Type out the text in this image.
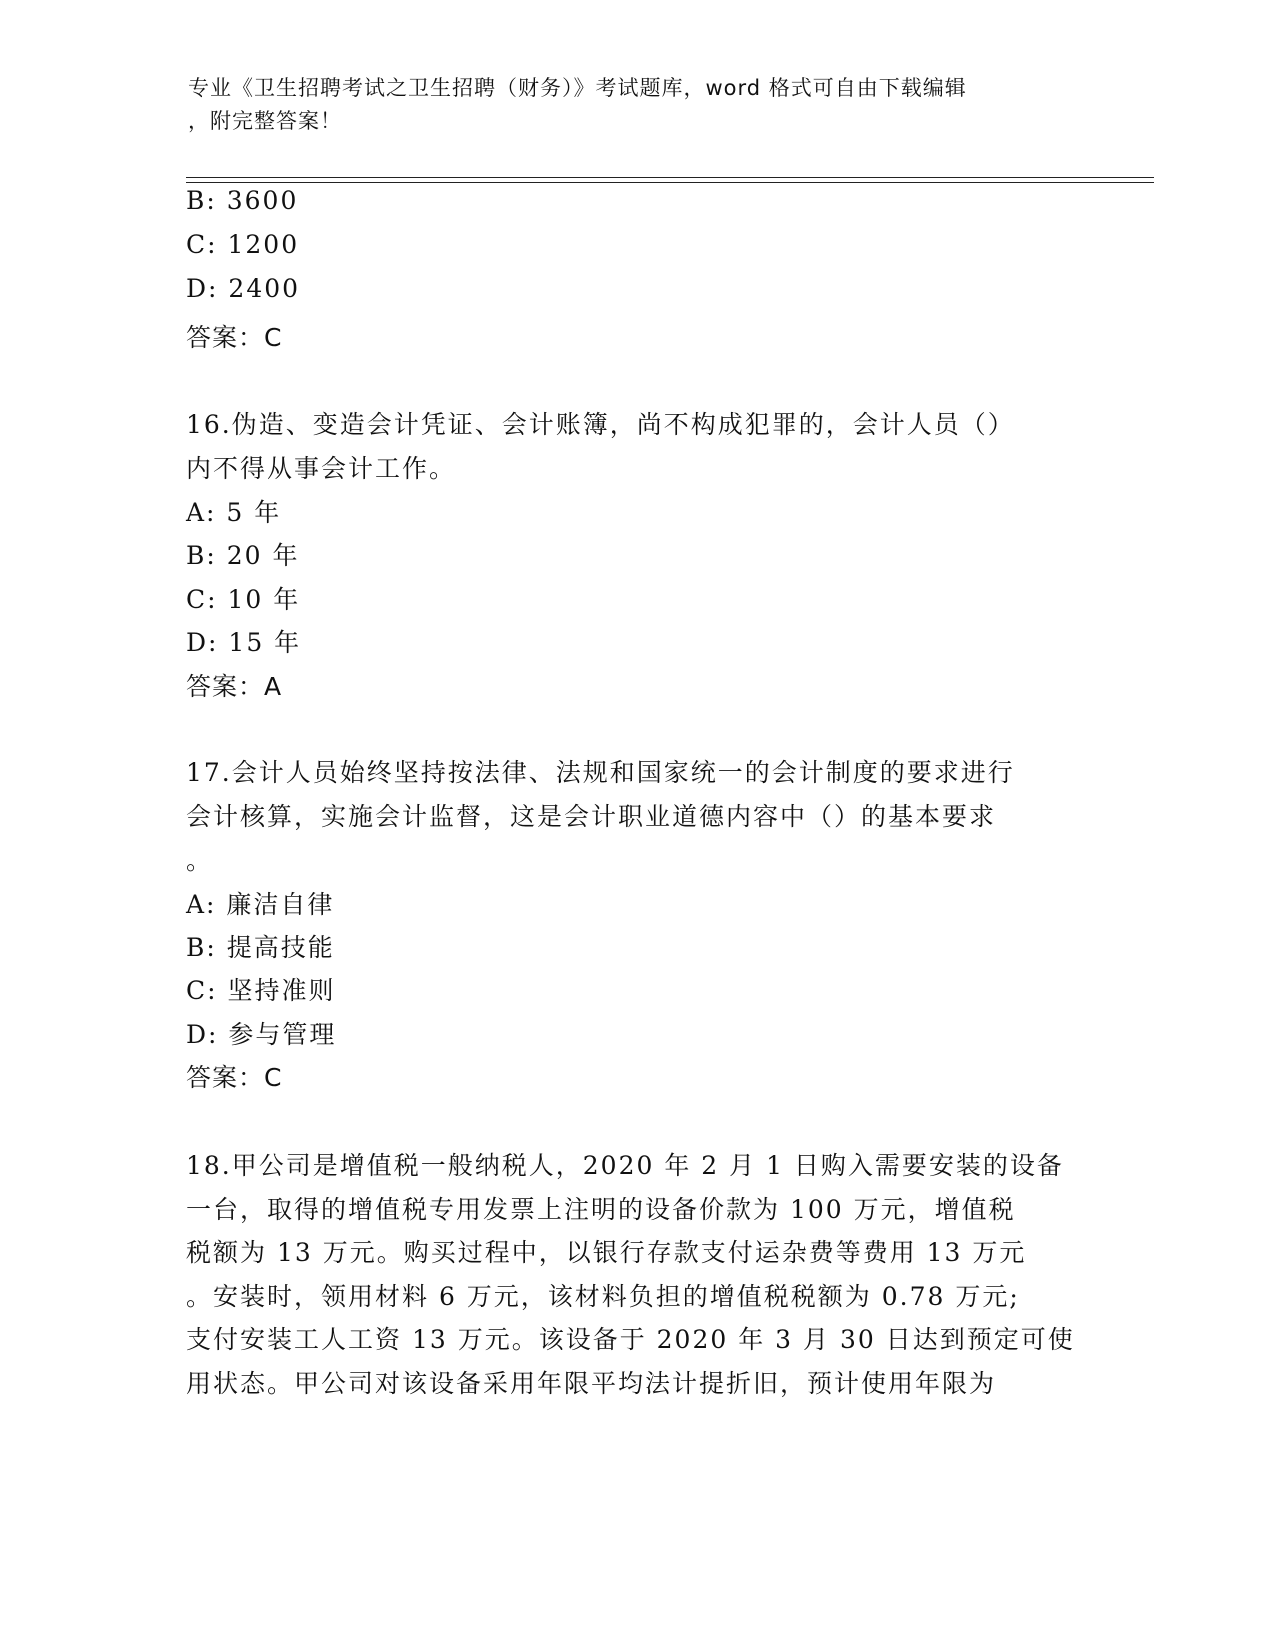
专业《卫生招聘考试之卫生招聘（财务）》考试题库，word 格式可自由下载编辑
，附完整答案！
B: 3600
C: 1200
D: 2400
答案：C
16.伪造、变造会计凭证、会计账簿，尚不构成犯罪的，会计人员（）
内不得从事会计工作。
A: 5 年
B: 20 年
C: 10 年
D: 15 年
答案：A
17.会计人员始终坚持按法律、法规和国家统一的会计制度的要求进行
会计核算，实施会计监督，这是会计职业道德内容中（）的基本要求
。
A: 廉洁自律
B: 提高技能
C: 坚持准则
D: 参与管理
答案：C
18.甲公司是增值税一般纳税人，2020 年 2 月 1 日购入需要安装的设备
一台，取得的增值税专用发票上注明的设备价款为 100 万元，增值税
税额为 13 万元。购买过程中，以银行存款支付运杂费等费用 13 万元
。安装时，领用材料 6 万元，该材料负担的增值税税额为 0.78 万元;
支付安装工人工资 13 万元。该设备于 2020 年 3 月 30 日达到预定可使
用状态。甲公司对该设备采用年限平均法计提折旧，预计使用年限为
